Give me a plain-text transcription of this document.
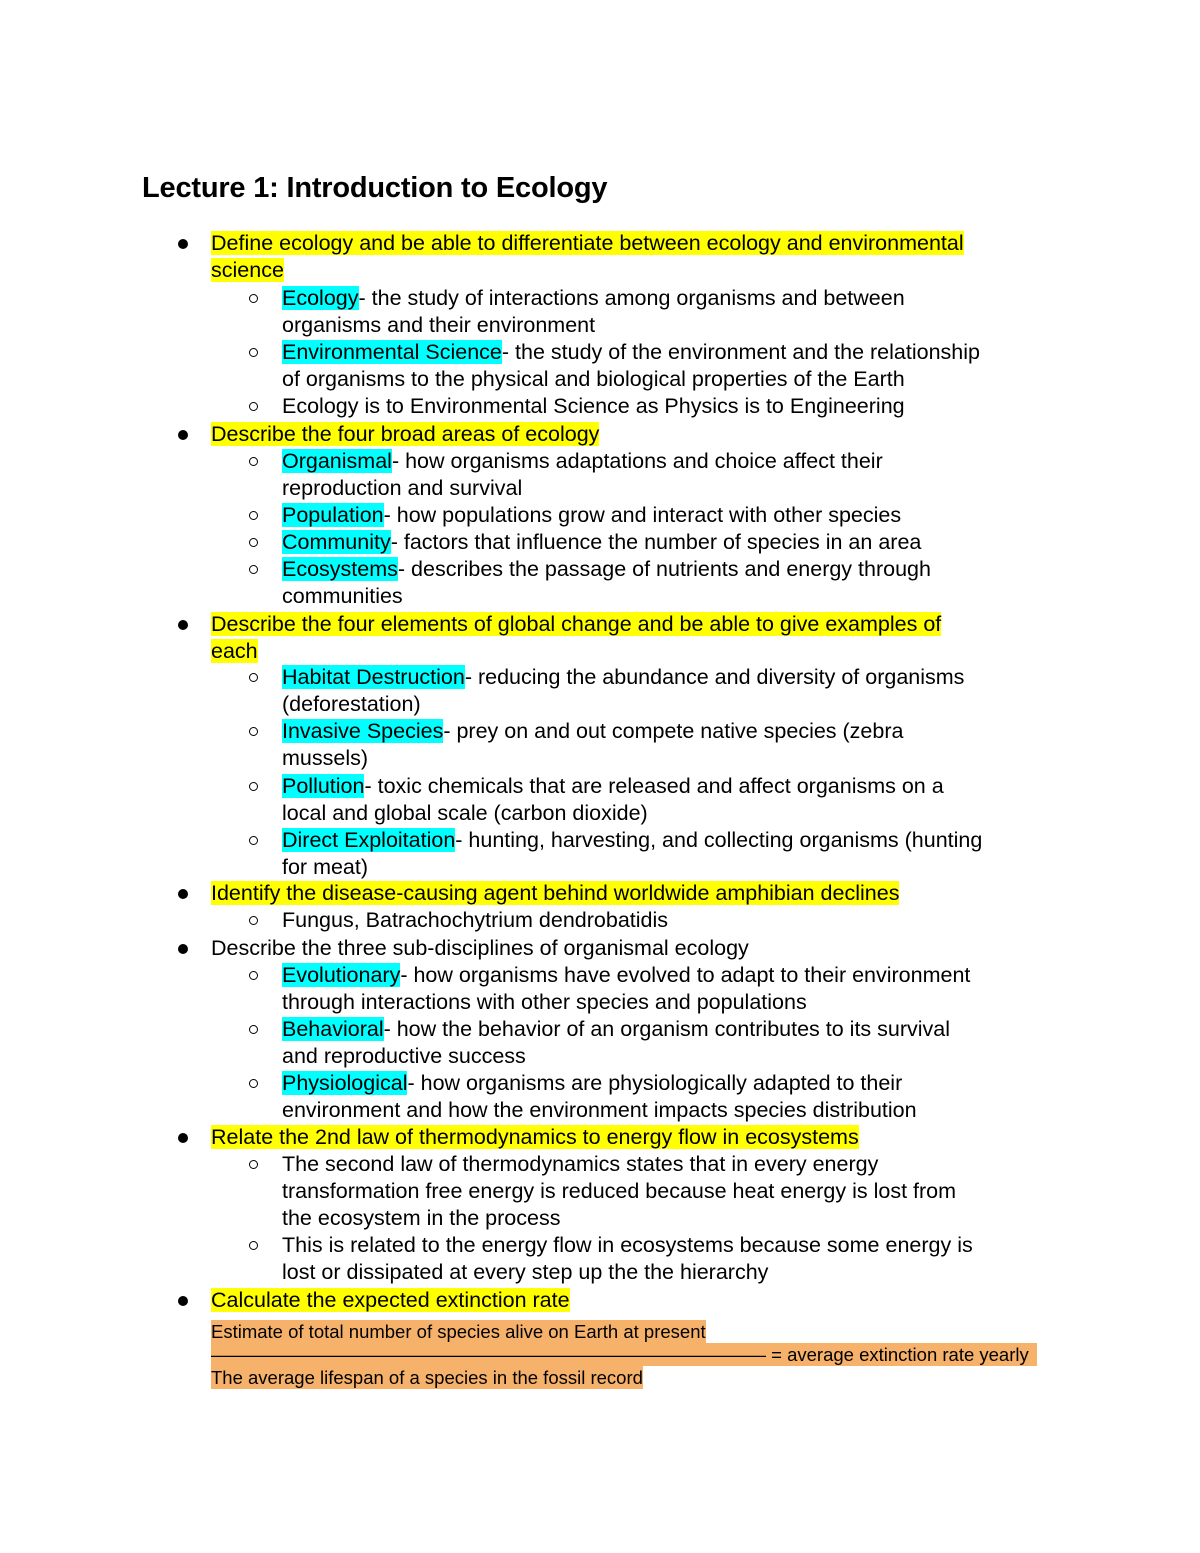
Lecture 1: Introduction to Ecology
Define ecology and be able to differentiate between ecology and environmental
science
Ecology- the study of interactions among organisms and between
organisms and their environment
Environmental Science- the study of the environment and the relationship
of organisms to the physical and biological properties of the Earth
Ecology is to Environmental Science as Physics is to Engineering
Describe the four broad areas of ecology
Organismal- how organisms adaptations and choice affect their
reproduction and survival
Population- how populations grow and interact with other species
Community- factors that influence the number of species in an area
Ecosystems- describes the passage of nutrients and energy through
communities
Describe the four elements of global change and be able to give examples of
each
Habitat Destruction- reducing the abundance and diversity of organisms
(deforestation)
Invasive Species- prey on and out compete native species (zebra
mussels)
Pollution- toxic chemicals that are released and affect organisms on a
local and global scale (carbon dioxide)
Direct Exploitation- hunting, harvesting, and collecting organisms (hunting
for meat)
Identify the disease-causing agent behind worldwide amphibian declines
Fungus, Batrachochytrium dendrobatidis
Describe the three sub-disciplines of organismal ecology
Evolutionary- how organisms have evolved to adapt to their environment
through interactions with other species and populations
Behavioral- how the behavior of an organism contributes to its survival
and reproductive success
Physiological- how organisms are physiologically adapted to their
environment and how the environment impacts species distribution
Relate the 2nd law of thermodynamics to energy flow in ecosystems
The second law of thermodynamics states that in every energy
transformation free energy is reduced because heat energy is lost from
the ecosystem in the process
This is related to the energy flow in ecosystems because some energy is
lost or dissipated at every step up the the hierarchy
Calculate the expected extinction rate
Estimate of total number of species alive on Earth at present
—————————————————————————————— = average extinction rate yearly
The average lifespan of a species in the fossil record
